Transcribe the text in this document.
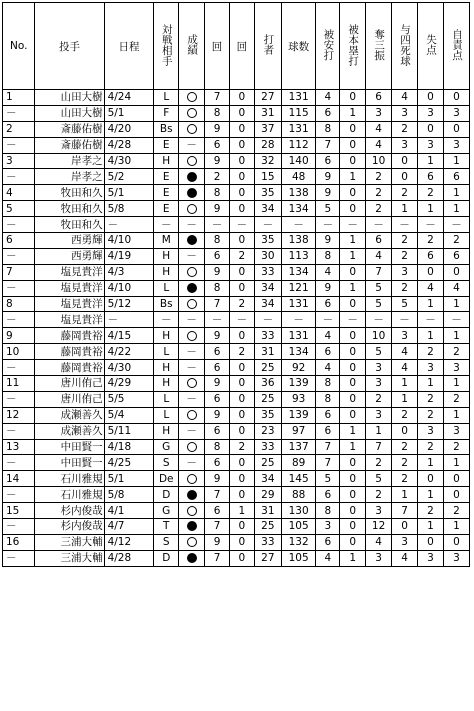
No.	投手	日程	対戦相手	成績	回	回	打者	球数	被安打	被本塁打	奪三振	与四死球	失点	自責点
1	山田大樹	4/24	L		7	0	27	131	4	0	6	4	0	0
－	山田大樹	5/1	F		8	0	31	115	6	1	3	3	3	3
2	斎藤佑樹	4/20	Bs		9	0	37	131	8	0	4	2	0	0
－	斎藤佑樹	4/28	E	－	6	0	28	112	7	0	4	3	3	3
3	岸孝之	4/30	H		9	0	32	140	6	0	10	0	1	1
－	岸孝之	5/2	E		2	0	15	48	9	1	2	0	6	6
4	牧田和久	5/1	E		8	0	35	138	9	0	2	2	2	1
5	牧田和久	5/8	E		9	0	34	134	5	0	2	1	1	1
－	牧田和久	－	－	－	－	－	－	－	－	－	－	－	－	－
6	西勇輝	4/10	M		8	0	35	138	9	1	6	2	2	2
－	西勇輝	4/19	H	－	6	2	30	113	8	1	4	2	6	6
7	塩見貴洋	4/3	H		9	0	33	134	4	0	7	3	0	0
－	塩見貴洋	4/10	L		8	0	34	121	9	1	5	2	4	4
8	塩見貴洋	5/12	Bs		7	2	34	131	6	0	5	5	1	1
－	塩見貴洋	－	－	－	－	－	－	－	－	－	－	－	－	－
9	藤岡貴裕	4/15	H		9	0	33	131	4	0	10	3	1	1
10	藤岡貴裕	4/22	L	－	6	2	31	134	6	0	5	4	2	2
－	藤岡貴裕	4/30	H	－	6	0	25	92	4	0	3	4	3	3
11	唐川侑己	4/29	H		9	0	36	139	8	0	3	1	1	1
－	唐川侑己	5/5	L	－	6	0	25	93	8	0	2	1	2	2
12	成瀬善久	5/4	L		9	0	35	139	6	0	3	2	2	1
－	成瀬善久	5/11	H	－	6	0	23	97	6	1	1	0	3	3
13	中田賢一	4/18	G		8	2	33	137	7	1	7	2	2	2
－	中田賢一	4/25	S	－	6	0	25	89	7	0	2	2	1	1
14	石川雅規	5/1	De		9	0	34	145	5	0	5	2	0	0
－	石川雅規	5/8	D		7	0	29	88	6	0	2	1	1	0
15	杉内俊哉	4/1	G		6	1	31	130	8	0	3	7	2	2
－	杉内俊哉	4/7	T		7	0	25	105	3	0	12	0	1	1
16	三浦大輔	4/12	S		9	0	33	132	6	0	4	3	0	0
－	三浦大輔	4/28	D		7	0	27	105	4	1	3	4	3	3
